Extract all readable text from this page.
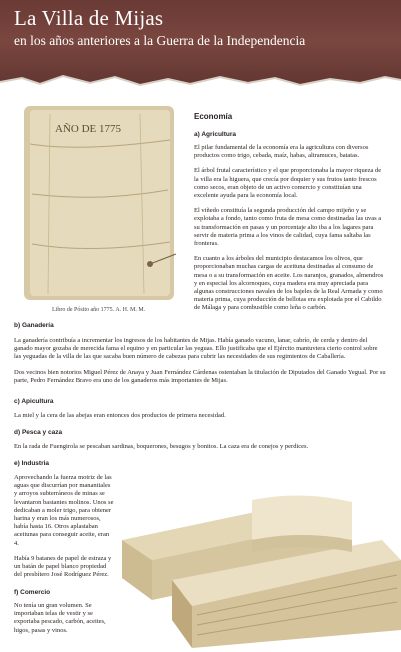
La Villa de Mijas
en los años anteriores a la Guerra de la Independencia
AÑO DE 1775
Libro de Pósito año 1775. A. H. M. M.
Economía
a) Agricultura

El pilar fundamental de la economía era la agricultura con diversos productos como trigo, cebada, maíz, habas, altramuces, batatas.

El árbol frutal característico y el que proporcionaba la mayor riqueza de la villa era la higuera, que crecía por doquier y sus frutos tanto frescos como secos, eran objeto de un activo comercio y constituían una excelente ayuda para la economía local.

El viñedo constituía la segunda producción del campo mijeño y se explotaba a fondo, tanto como fruta de mesa como destinadas las uvas a su transformación en pasas y un porcentaje alto iba a los lagares para servir de materia prima a los vinos de calidad, cuya fama saltaba las fronteras.

En cuanto a los árboles del municipio destacamos los olivos, que proporcionaban muchas cargas de aceituna destinadas al consumo de mesa o a su transformación en aceite. Los naranjos, granados, almendros y en especial los alcornoques, cuya madera era muy apreciada para algunas construcciones navales de los bajeles de la Real Armada y como materia prima, cuya producción de bellotas era explotada por el Cabildo de Málaga y para combustible como leña o carbón.

b) Ganadería

La ganadería contribuía a incrementar los ingresos de los habitantes de Mijas. Había ganado vacuno, lanar, cabrío, de cerda y dentro del ganado mayor gozaba de merecida fama el equino y en particular las yeguas. Ello justificaba que el Ejército mantuviera cierto control sobre las yeguadas de la villa de las que sacaba buen número de cabezas para cubrir las necesidades de sus regimientos de Caballería.

Dos vecinos bien notorios Miguel Pérez de Anaya y Juan Fernández Cárdenas ostentaban la titulación de Diputados del Ganado Yegual. Por su parte, Pedro Fernández Bravo era uno de los ganaderos más importantes de Mijas.

c) Apicultura

La miel y la cera de las abejas eran entonces dos productos de primera necesidad.

d) Pesca y caza

En la rada de Fuengirola se pescaban sardinas, boquerones, besugos y bonitos. La caza era de conejos y perdices.

e) Industria

Aprovechando la fuerza motriz de las aguas que discurrían por manantiales y arroyos subterráneos de minas se levantaron bastantes molinos. Unos se dedicaban a moler trigo, para obtener harina y eran los más numerosos, había hasta 16. Otros aplastaban aceitunas para conseguir aceite, eran 4.

Había 9 batanes de papel de estraza y un batán de papel blanco propiedad del presbítero José Rodríguez Pérez.

f) Comercio

No tenía un gran volumen. Se importaban telas de vestir y se exportaba pescado, carbón, aceites, higos, pasas y vinos.
